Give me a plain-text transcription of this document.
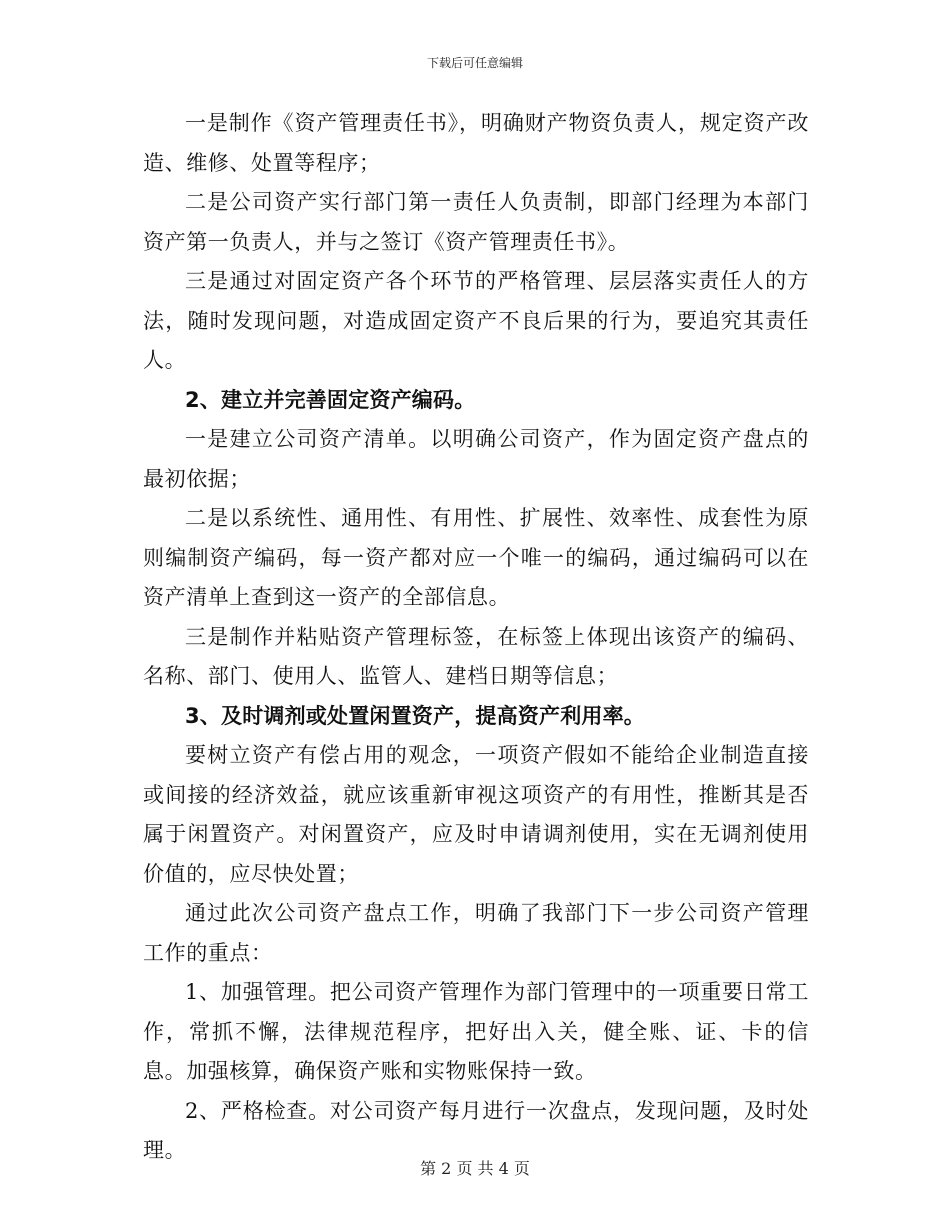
下载后可任意编辑

一是制作《资产管理责任书》，明确财产物资负责人，规定资产改造、维修、处置等程序；

二是公司资产实行部门第一责任人负责制，即部门经理为本部门资产第一负责人，并与之签订《资产管理责任书》。

三是通过对固定资产各个环节的严格管理、层层落实责任人的方法，随时发现问题，对造成固定资产不良后果的行为，要追究其责任人。

2、建立并完善固定资产编码。

一是建立公司资产清单。以明确公司资产，作为固定资产盘点的最初依据；

二是以系统性、通用性、有用性、扩展性、效率性、成套性为原则编制资产编码，每一资产都对应一个唯一的编码，通过编码可以在资产清单上查到这一资产的全部信息。

三是制作并粘贴资产管理标签，在标签上体现出该资产的编码、名称、部门、使用人、监管人、建档日期等信息；

3、及时调剂或处置闲置资产，提高资产利用率。

要树立资产有偿占用的观念，一项资产假如不能给企业制造直接或间接的经济效益，就应该重新审视这项资产的有用性，推断其是否属于闲置资产。对闲置资产，应及时申请调剂使用，实在无调剂使用价值的，应尽快处置；

通过此次公司资产盘点工作，明确了我部门下一步公司资产管理工作的重点：

1、加强管理。把公司资产管理作为部门管理中的一项重要日常工作，常抓不懈，法律规范程序，把好出入关，健全账、证、卡的信息。加强核算，确保资产账和实物账保持一致。

2、严格检查。对公司资产每月进行一次盘点，发现问题，及时处理。

第 2 页 共 4 页
